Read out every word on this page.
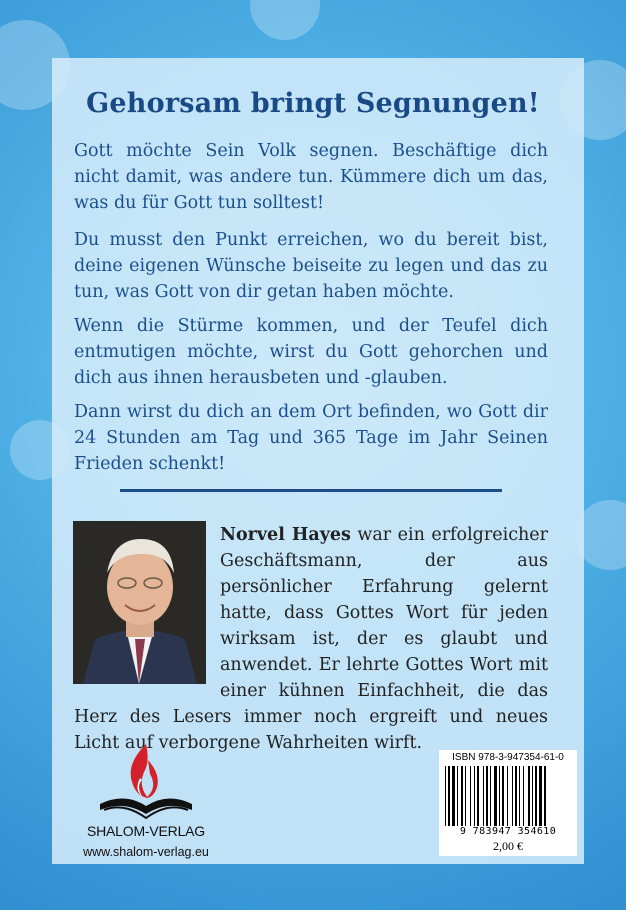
Gehorsam bringt Segnungen!

Gott möchte Sein Volk segnen. Beschäftige dich nicht damit, was andere tun. Kümmere dich um das, was du für Gott tun solltest!

Du musst den Punkt erreichen, wo du bereit bist, deine eigenen Wünsche beiseite zu legen und das zu tun, was Gott von dir getan haben möchte.

Wenn die Stürme kommen, und der Teufel dich entmutigen möchte, wirst du Gott gehorchen und dich aus ihnen herausbeten und -glauben.

Dann wirst du dich an dem Ort befinden, wo Gott dir 24 Stunden am Tag und 365 Tage im Jahr Seinen Frieden schenkt!

Norvel Hayes war ein erfolgreicher Geschäftsmann, der aus persönlicher Erfahrung gelernt hatte, dass Gottes Wort für jeden wirksam ist, der es glaubt und anwendet. Er lehrte Gottes Wort mit einer kühnen Einfachheit, die das Herz des Lesers immer noch ergreift und neues Licht auf verborgene Wahrheiten wirft.

SHALOM-VERLAG
www.shalom-verlag.eu
ISBN 978-3-947354-61-0
9 783947 354610
2,00 €
